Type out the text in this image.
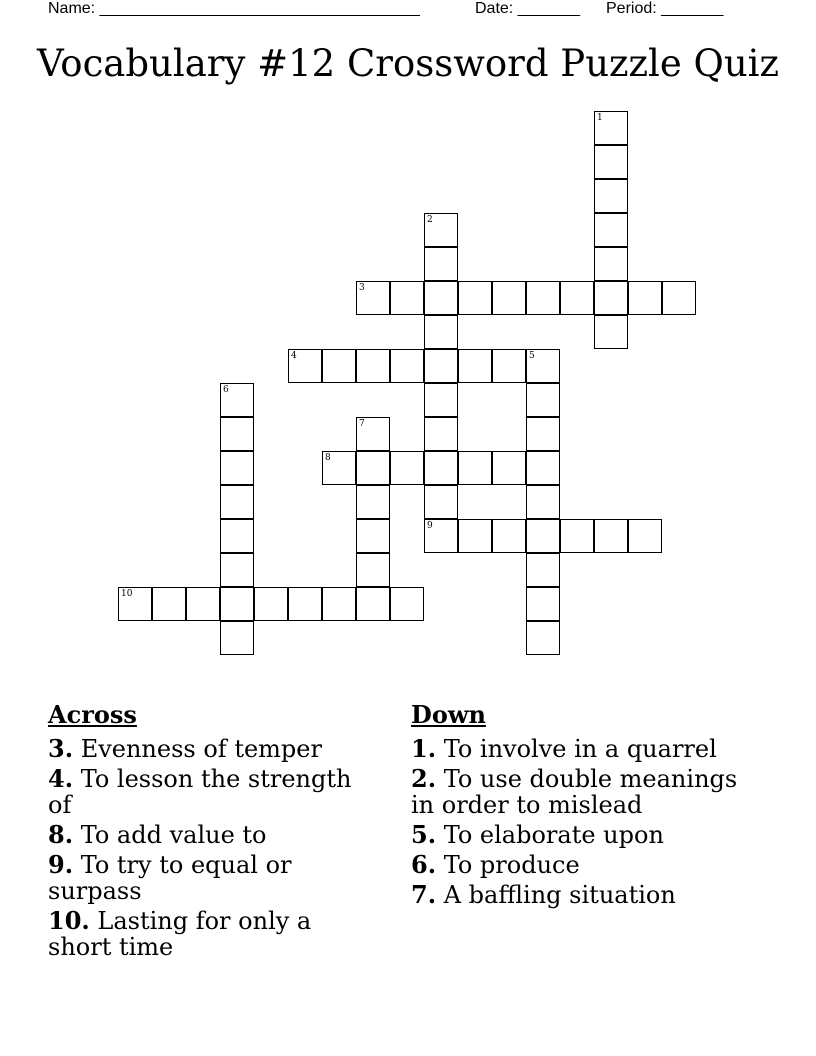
Name: ____________________________________	Date: _______ Period: _______
Vocabulary #12 Crossword Puzzle Quiz
1
2
9
3
4	5
6
7
8
10
Across
3. Evenness of temper
4. To lesson the strength of
8. To add value to
9. To try to equal or surpass
10. Lasting for only a short time
Down
1. To involve in a quarrel
2. To use double meanings in order to mislead
5. To elaborate upon
6. To produce
7. A baffling situation
